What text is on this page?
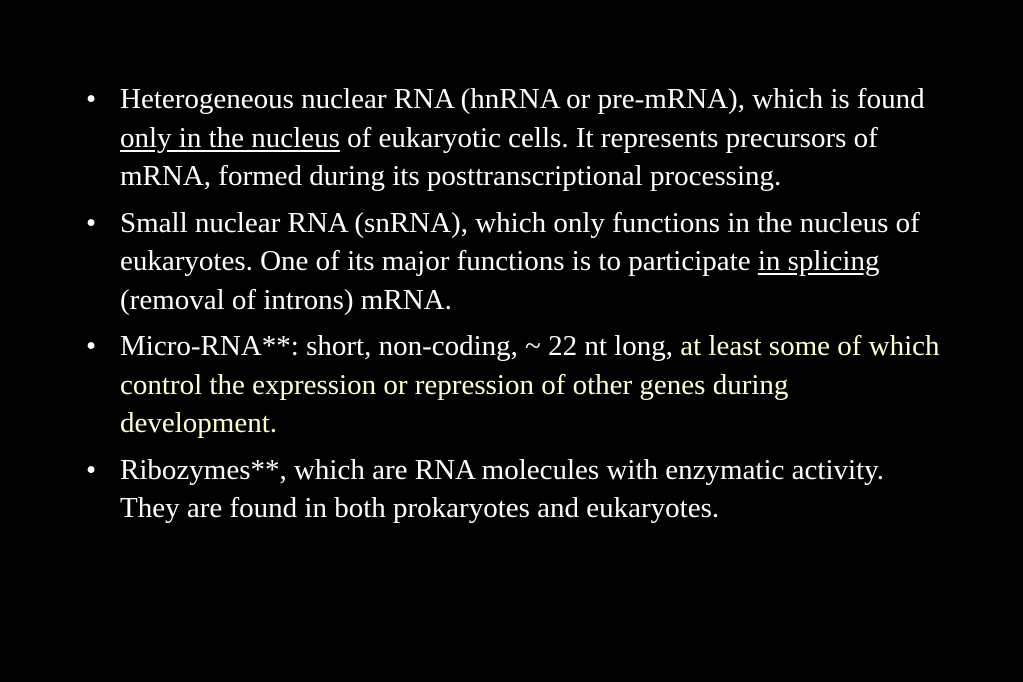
• Heterogeneous nuclear RNA (hnRNA or pre-mRNA), which is found only in the nucleus of eukaryotic cells. It represents precursors of mRNA, formed during its posttranscriptional processing.
• Small nuclear RNA (snRNA), which only functions in the nucleus of eukaryotes. One of its major functions is to participate in splicing (removal of introns) mRNA.
• Micro-RNA**: short, non-coding, ~ 22 nt long, at least some of which control the expression or repression of other genes during development.
• Ribozymes**, which are RNA molecules with enzymatic activity. They are found in both prokaryotes and eukaryotes.
